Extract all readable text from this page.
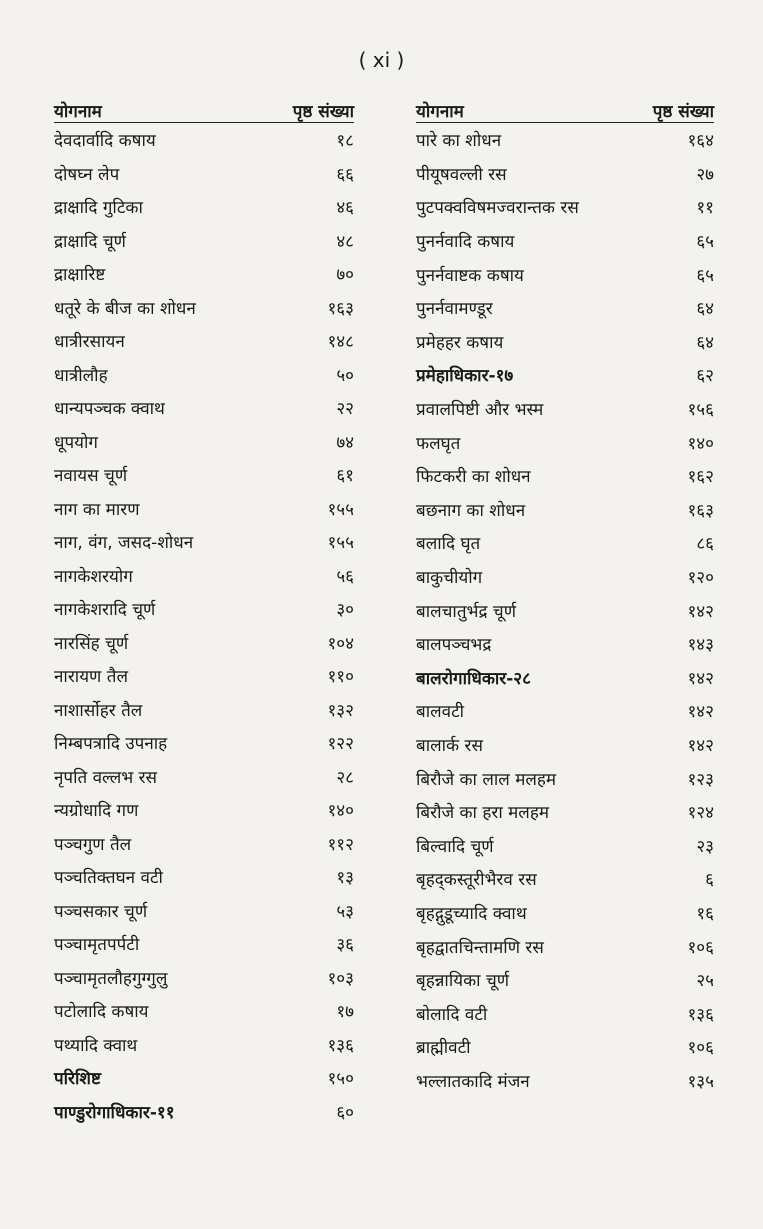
( xi )
योगनाम	पृष्ठ संख्या
देवदार्वादि कषाय	१८
दोषघ्न लेप	६६
द्राक्षादि गुटिका	४६
द्राक्षादि चूर्ण	४८
द्राक्षारिष्ट	७०
धतूरे के बीज का शोधन	१६३
धात्रीरसायन	१४८
धात्रीलौह	५०
धान्यपञ्चक क्वाथ	२२
धूपयोग	७४
नवायस चूर्ण	६१
नाग का मारण	१५५
नाग, वंग, जसद-शोधन	१५५
नागकेशरयोग	५६
नागकेशरादि चूर्ण	३०
नारसिंह चूर्ण	१०४
नारायण तैल	११०
नाशार्सोहर तैल	१३२
निम्बपत्रादि उपनाह	१२२
नृपति वल्लभ रस	२८
न्यग्रोधादि गण	१४०
पञ्चगुण तैल	११२
पञ्चतिक्तघन वटी	१३
पञ्चसकार चूर्ण	५३
पञ्चामृतपर्पटी	३६
पञ्चामृतलौहगुग्गुलु	१०३
पटोलादि कषाय	१७
पथ्यादि क्वाथ	१३६
परिशिष्ट	१५०
पाण्डुरोगाधिकार-११	६०
योगनाम	पृष्ठ संख्या
पारे का शोधन	१६४
पीयूषवल्ली रस	२७
पुटपक्वविषमज्वरान्तक रस	११
पुनर्नवादि कषाय	६५
पुनर्नवाष्टक कषाय	६५
पुनर्नवामण्डूर	६४
प्रमेहहर कषाय	६४
प्रमेहाधिकार-१७	६२
प्रवालपिष्टी और भस्म	१५६
फलघृत	१४०
फिटकरी का शोधन	१६२
बछनाग का शोधन	१६३
बलादि घृत	८६
बाकुचीयोग	१२०
बालचातुर्भद्र चूर्ण	१४२
बालपञ्चभद्र	१४३
बालरोगाधिकार-२८	१४२
बालवटी	१४२
बालार्क रस	१४२
बिरौजे का लाल मलहम	१२३
बिरौजे का हरा मलहम	१२४
बिल्वादि चूर्ण	२३
बृहद्कस्तूरीभैरव रस	६
बृहद्गुडूच्यादि क्वाथ	१६
बृहद्वातचिन्तामणि रस	१०६
बृहन्नायिका चूर्ण	२५
बोलादि वटी	१३६
ब्राह्मीवटी	१०६
भल्लातकादि मंजन	१३५
